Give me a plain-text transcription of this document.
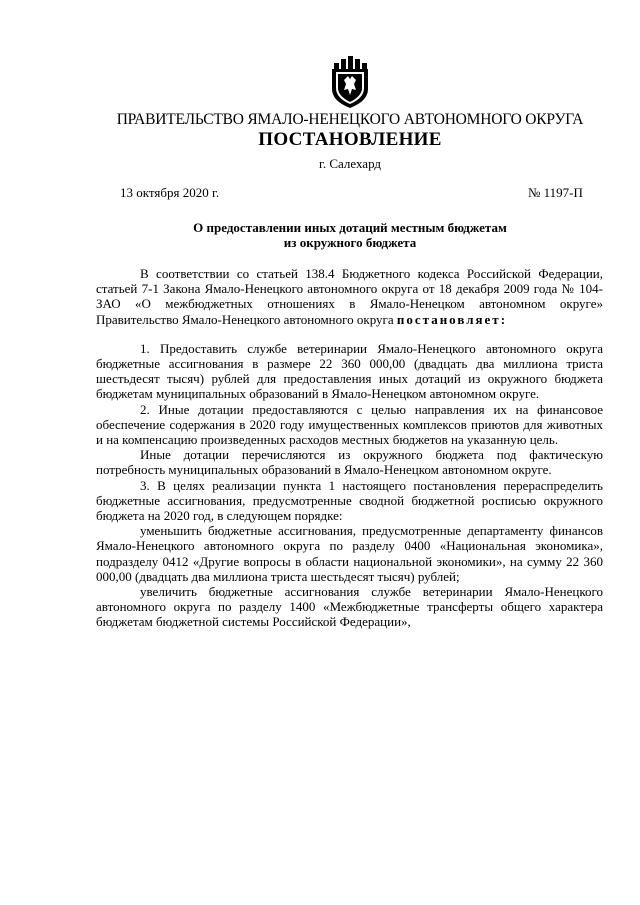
ПРАВИТЕЛЬСТВО ЯМАЛО-НЕНЕЦКОГО АВТОНОМНОГО ОКРУГА
ПОСТАНОВЛЕНИЕ
г. Салехард
13 октября 2020 г.	№ 1197-П
О предоставлении иных дотаций местным бюджетам
из окружного бюджета

В соответствии со статьей 138.4 Бюджетного кодекса Российской Федерации, статьей 7-1 Закона Ямало-Ненецкого автономного округа от 18 декабря 2009 года № 104-ЗАО «О межбюджетных отношениях в Ямало-Ненецком автономном округе» Правительство Ямало-Ненецкого автономного округа постановляет:

1. Предоставить службе ветеринарии Ямало-Ненецкого автономного округа бюджетные ассигнования в размере 22 360 000,00 (двадцать два миллиона триста шестьдесят тысяч) рублей для предоставления иных дотаций из окружного бюджета бюджетам муниципальных образований в Ямало-Ненецком автономном округе.

2. Иные дотации предоставляются с целью направления их на финансовое обеспечение содержания в 2020 году имущественных комплексов приютов для животных и на компенсацию произведенных расходов местных бюджетов на указанную цель.

Иные дотации перечисляются из окружного бюджета под фактическую потребность муниципальных образований в Ямало-Ненецком автономном округе.

3. В целях реализации пункта 1 настоящего постановления перераспределить бюджетные ассигнования, предусмотренные сводной бюджетной росписью окружного бюджета на 2020 год, в следующем порядке:

уменьшить бюджетные ассигнования, предусмотренные департаменту финансов Ямало-Ненецкого автономного округа по разделу 0400 «Национальная экономика», подразделу 0412 «Другие вопросы в области национальной экономики», на сумму 22 360 000,00 (двадцать два миллиона триста шестьдесят тысяч) рублей;

увеличить бюджетные ассигнования службе ветеринарии Ямало-Ненецкого автономного округа по разделу 1400 «Межбюджетные трансферты общего характера бюджетам бюджетной системы Российской Федерации»,
